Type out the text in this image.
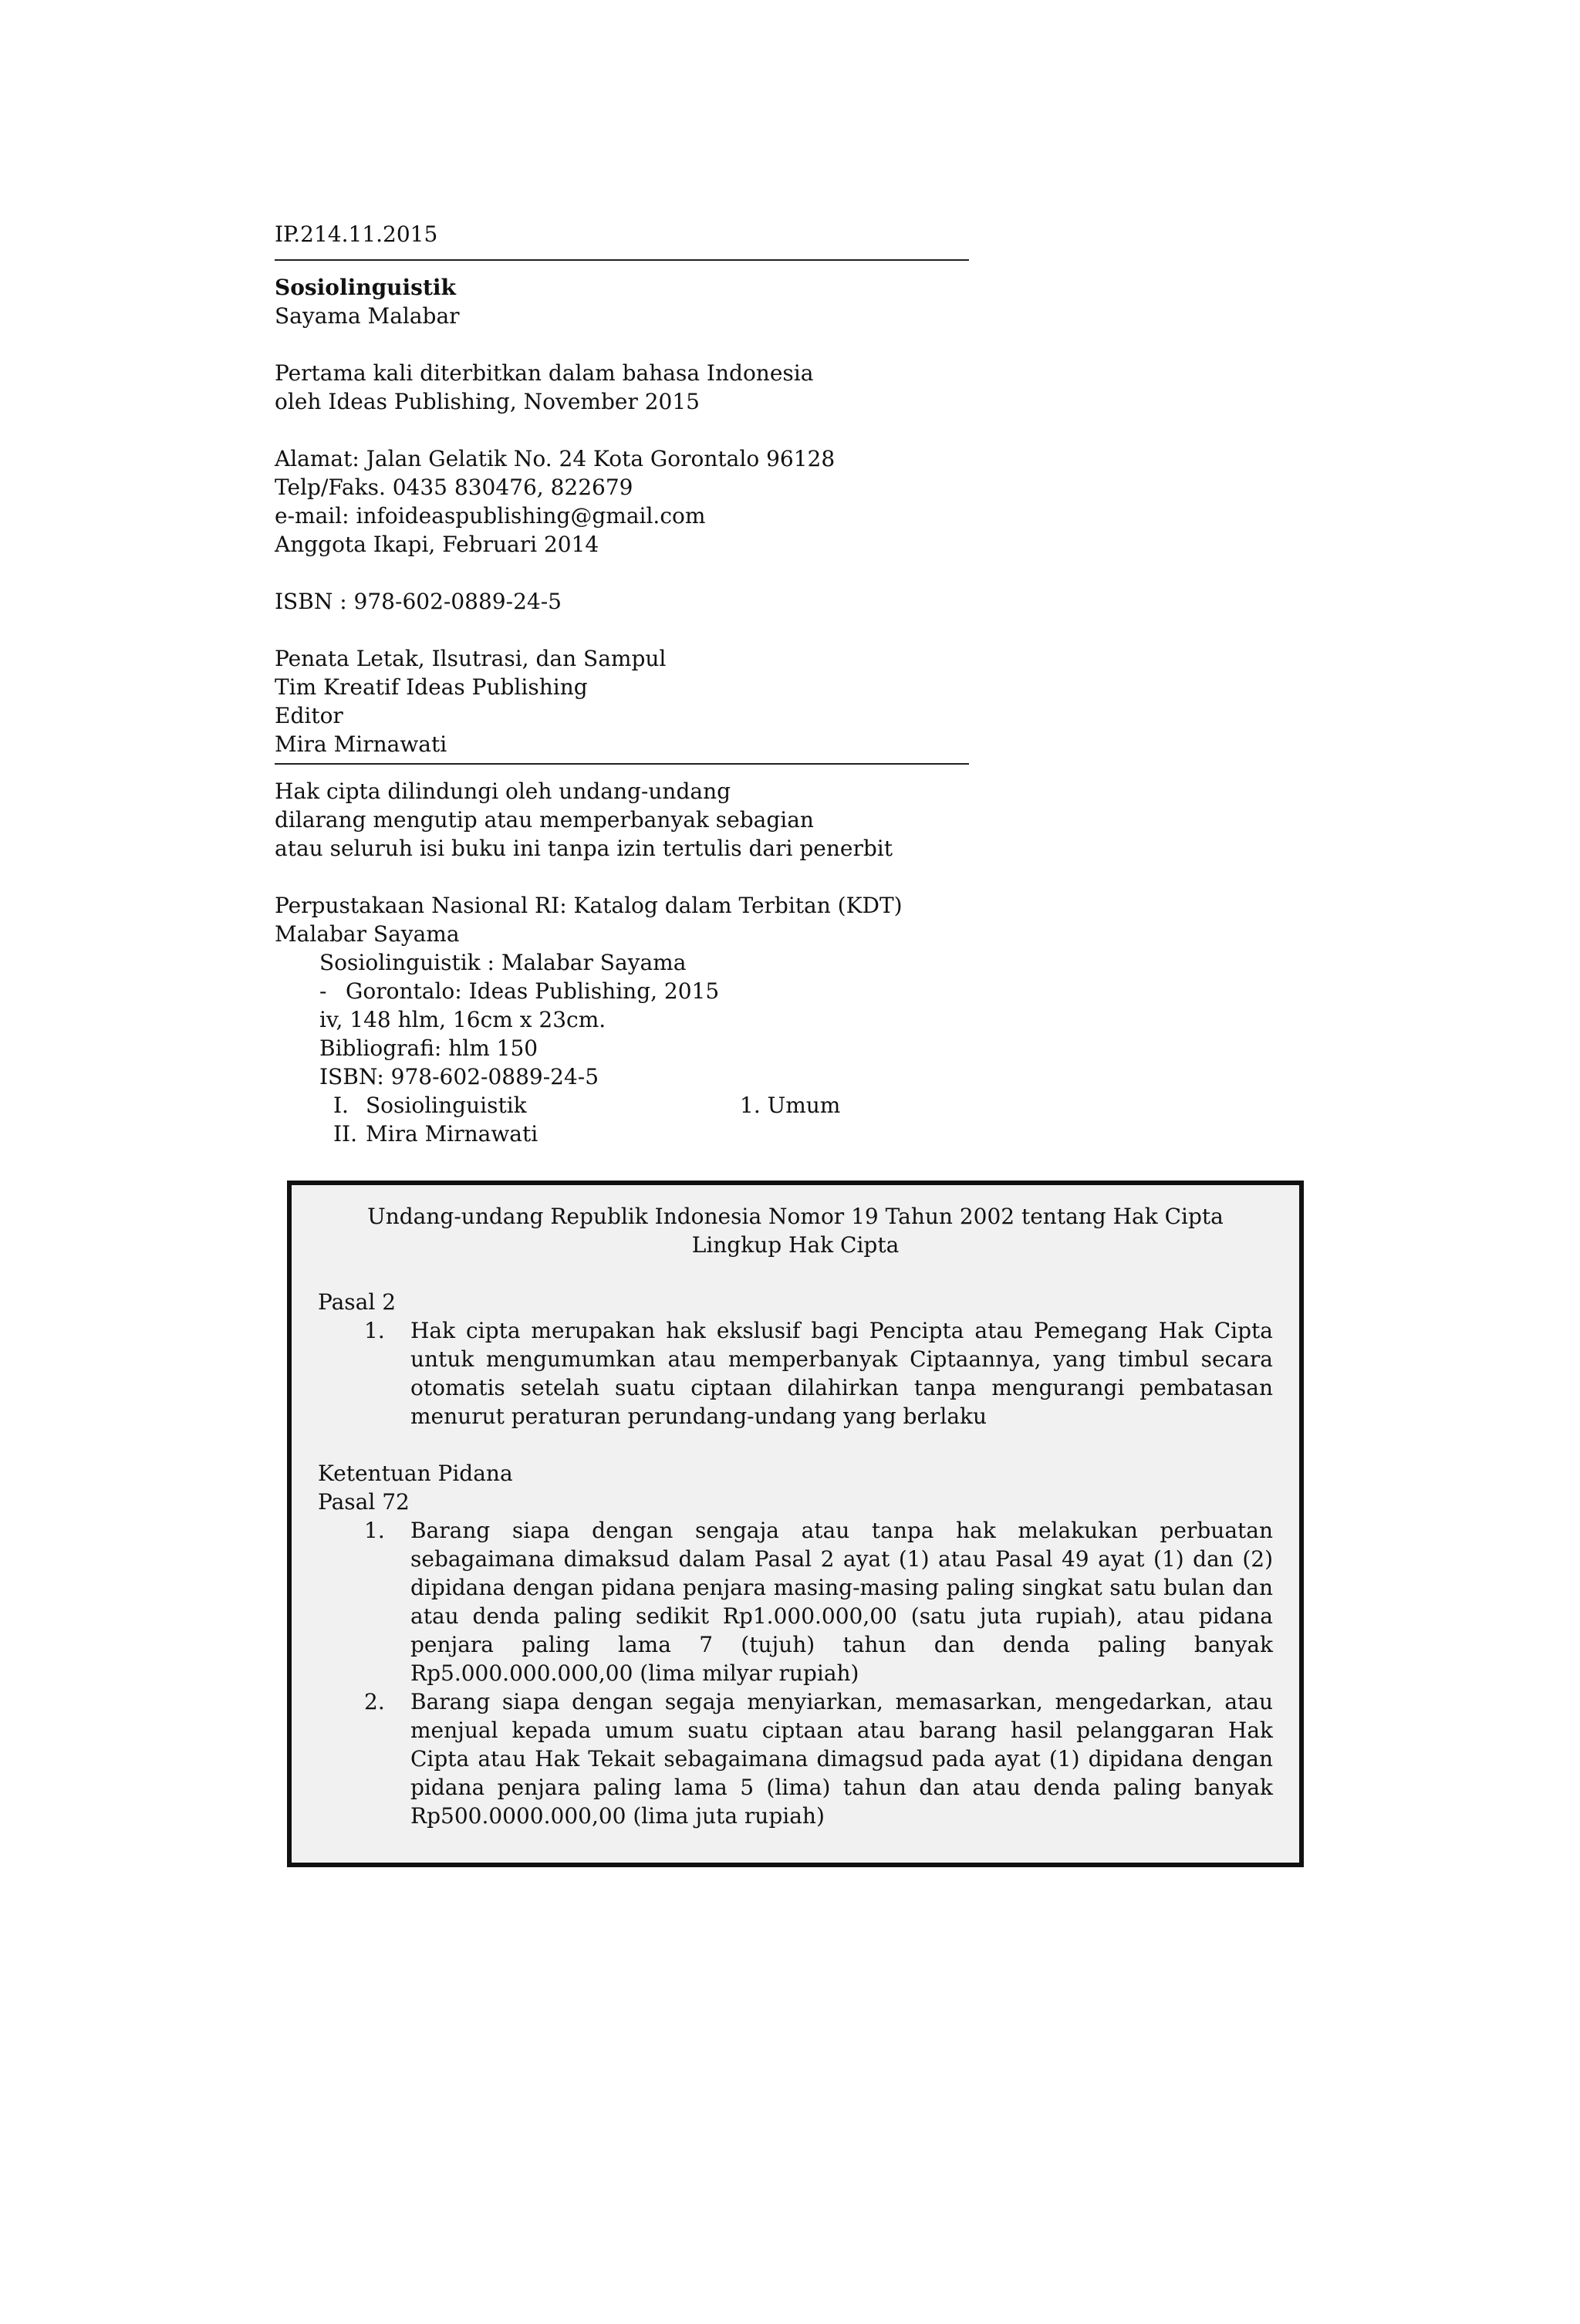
IP.214.11.2015
Sosiolinguistik
Sayama Malabar
Pertama kali diterbitkan dalam bahasa Indonesia
oleh Ideas Publishing, November 2015
Alamat: Jalan Gelatik No. 24 Kota Gorontalo 96128
Telp/Faks. 0435 830476, 822679
e-mail: infoideaspublishing@gmail.com
Anggota Ikapi, Februari 2014
ISBN : 978-602-0889-24-5
Penata Letak, Ilsutrasi, dan Sampul
Tim Kreatif Ideas Publishing
Editor
Mira Mirnawati
Hak cipta dilindungi oleh undang-undang
dilarang mengutip atau memperbanyak sebagian
atau seluruh isi buku ini tanpa izin tertulis dari penerbit
Perpustakaan Nasional RI: Katalog dalam Terbitan (KDT)
Malabar Sayama
Sosiolinguistik : Malabar Sayama
- Gorontalo: Ideas Publishing, 2015
iv, 148 hlm, 16cm x 23cm.
Bibliografi: hlm 150
ISBN: 978-602-0889-24-5
I. Sosiolinguistik	1. Umum
II. Mira Mirnawati
Undang-undang Republik Indonesia Nomor 19 Tahun 2002 tentang Hak Cipta
Lingkup Hak Cipta
Pasal 2
1.	Hak cipta merupakan hak ekslusif bagi Pencipta atau Pemegang Hak Cipta untuk mengumumkan atau memperbanyak Ciptaannya, yang timbul secara otomatis setelah suatu ciptaan dilahirkan tanpa mengurangi pembatasan menurut peraturan perundang-undang yang berlaku
Ketentuan Pidana
Pasal 72
1.	Barang siapa dengan sengaja atau tanpa hak melakukan perbuatan sebagaimana dimaksud dalam Pasal 2 ayat (1) atau Pasal 49 ayat (1) dan (2) dipidana dengan pidana penjara masing-masing paling singkat satu bulan dan atau denda paling sedikit Rp1.000.000,00 (satu juta rupiah), atau pidana penjara paling lama 7 (tujuh) tahun dan denda paling banyak Rp5.000.000.000,00 (lima milyar rupiah)
2.	Barang siapa dengan segaja menyiarkan, memasarkan, mengedarkan, atau menjual kepada umum suatu ciptaan atau barang hasil pelanggaran Hak Cipta atau Hak Tekait sebagaimana dimagsud pada ayat (1) dipidana dengan pidana penjara paling lama 5 (lima) tahun dan atau denda paling banyak Rp500.0000.000,00 (lima juta rupiah)
